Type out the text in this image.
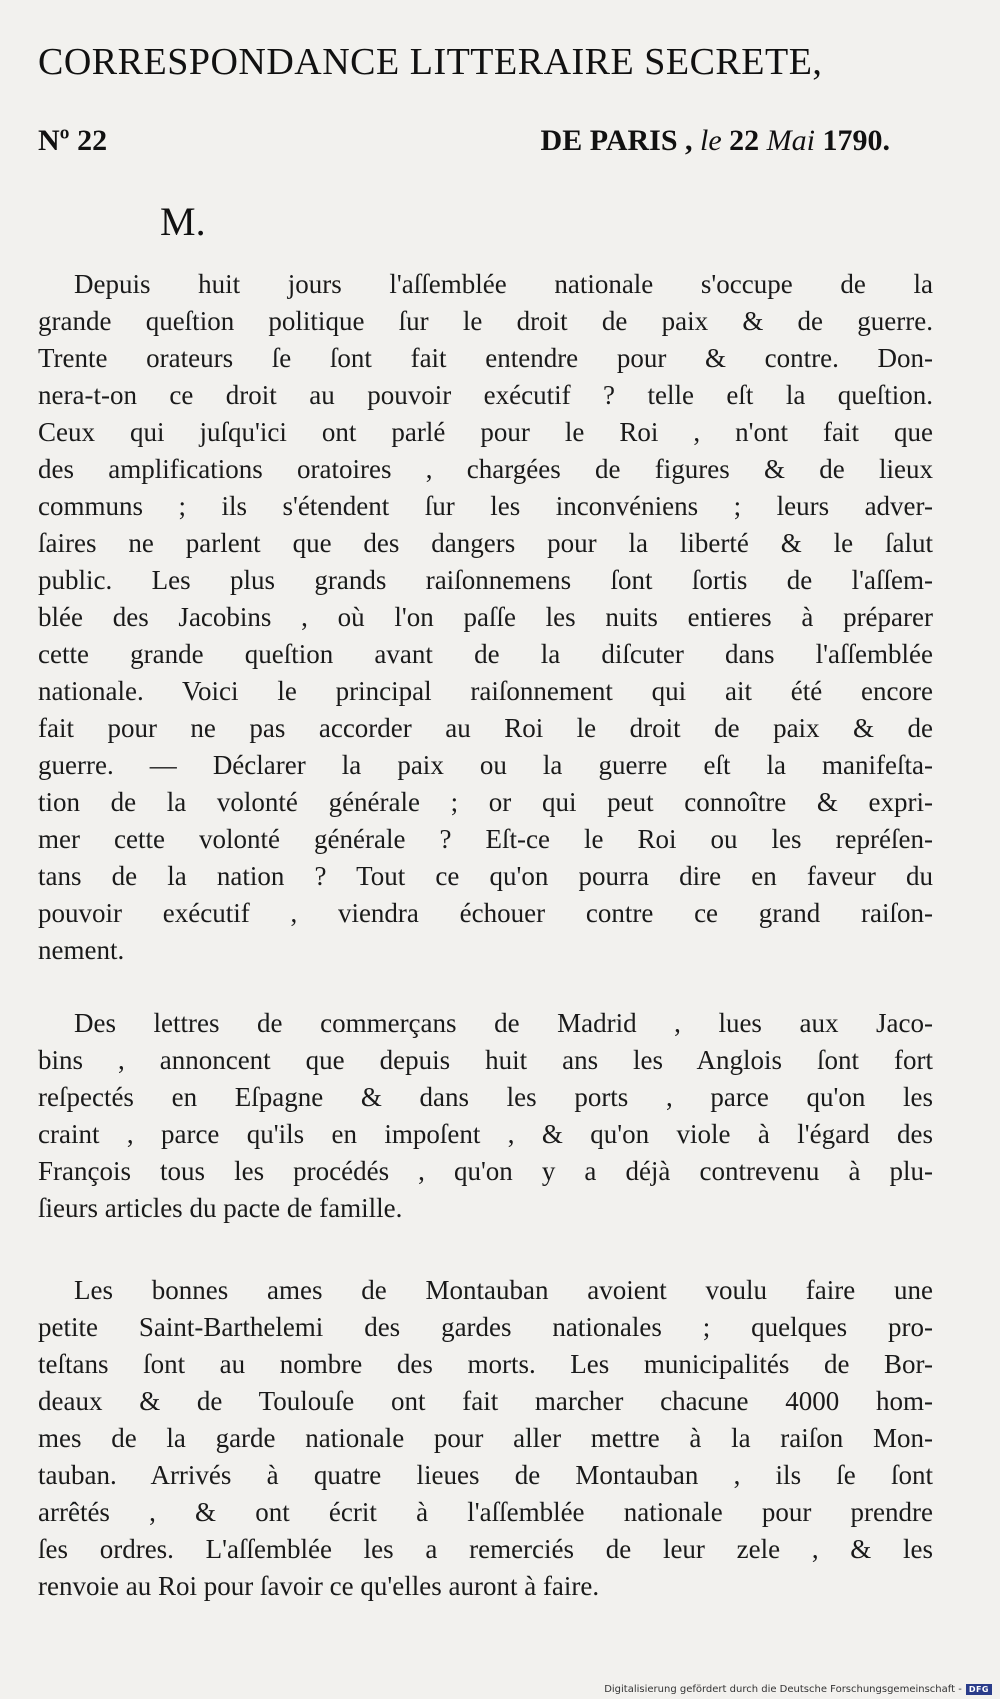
CORRESPONDANCE LITTERAIRE SECRETE,
Nº 22	DE PARIS , le 22 Mai 1790.
M.
Depuis huit jours l'aſſemblée nationale s'occupe de la
grande queſtion politique ſur le droit de paix & de guerre.
Trente orateurs ſe ſont fait entendre pour & contre. Don-
nera-t-on ce droit au pouvoir exécutif ? telle eſt la queſtion.
Ceux qui juſqu'ici ont parlé pour le Roi , n'ont fait que
des amplifications oratoires , chargées de figures & de lieux
communs ; ils s'étendent ſur les inconvéniens ; leurs adver-
ſaires ne parlent que des dangers pour la liberté & le ſalut
public. Les plus grands raiſonnemens ſont ſortis de l'aſſem-
blée des Jacobins , où l'on paſſe les nuits entieres à préparer
cette grande queſtion avant de la diſcuter dans l'aſſemblée
nationale. Voici le principal raiſonnement qui ait été encore
fait pour ne pas accorder au Roi le droit de paix & de
guerre. — Déclarer la paix ou la guerre eſt la manifeſta-
tion de la volonté générale ; or qui peut connoître & expri-
mer cette volonté générale ? Eſt-ce le Roi ou les repréſen-
tans de la nation ? Tout ce qu'on pourra dire en faveur du
pouvoir exécutif , viendra échouer contre ce grand raiſon-
nement.
Des lettres de commerçans de Madrid , lues aux Jaco-
bins , annoncent que depuis huit ans les Anglois ſont fort
reſpectés en Eſpagne & dans les ports , parce qu'on les
craint , parce qu'ils en impoſent , & qu'on viole à l'égard des
François tous les procédés , qu'on y a déjà contrevenu à plu-
ſieurs articles du pacte de famille.
Les bonnes ames de Montauban avoient voulu faire une
petite Saint-Barthelemi des gardes nationales ; quelques pro-
teſtans ſont au nombre des morts. Les municipalités de Bor-
deaux & de Toulouſe ont fait marcher chacune 4000 hom-
mes de la garde nationale pour aller mettre à la raiſon Mon-
tauban. Arrivés à quatre lieues de Montauban , ils ſe ſont
arrêtés , & ont écrit à l'aſſemblée nationale pour prendre
ſes ordres. L'aſſemblée les a remerciés de leur zele , & les
renvoie au Roi pour ſavoir ce qu'elles auront à faire.
Digitalisierung gefördert durch die Deutsche Forschungsgemeinschaft - DFG
